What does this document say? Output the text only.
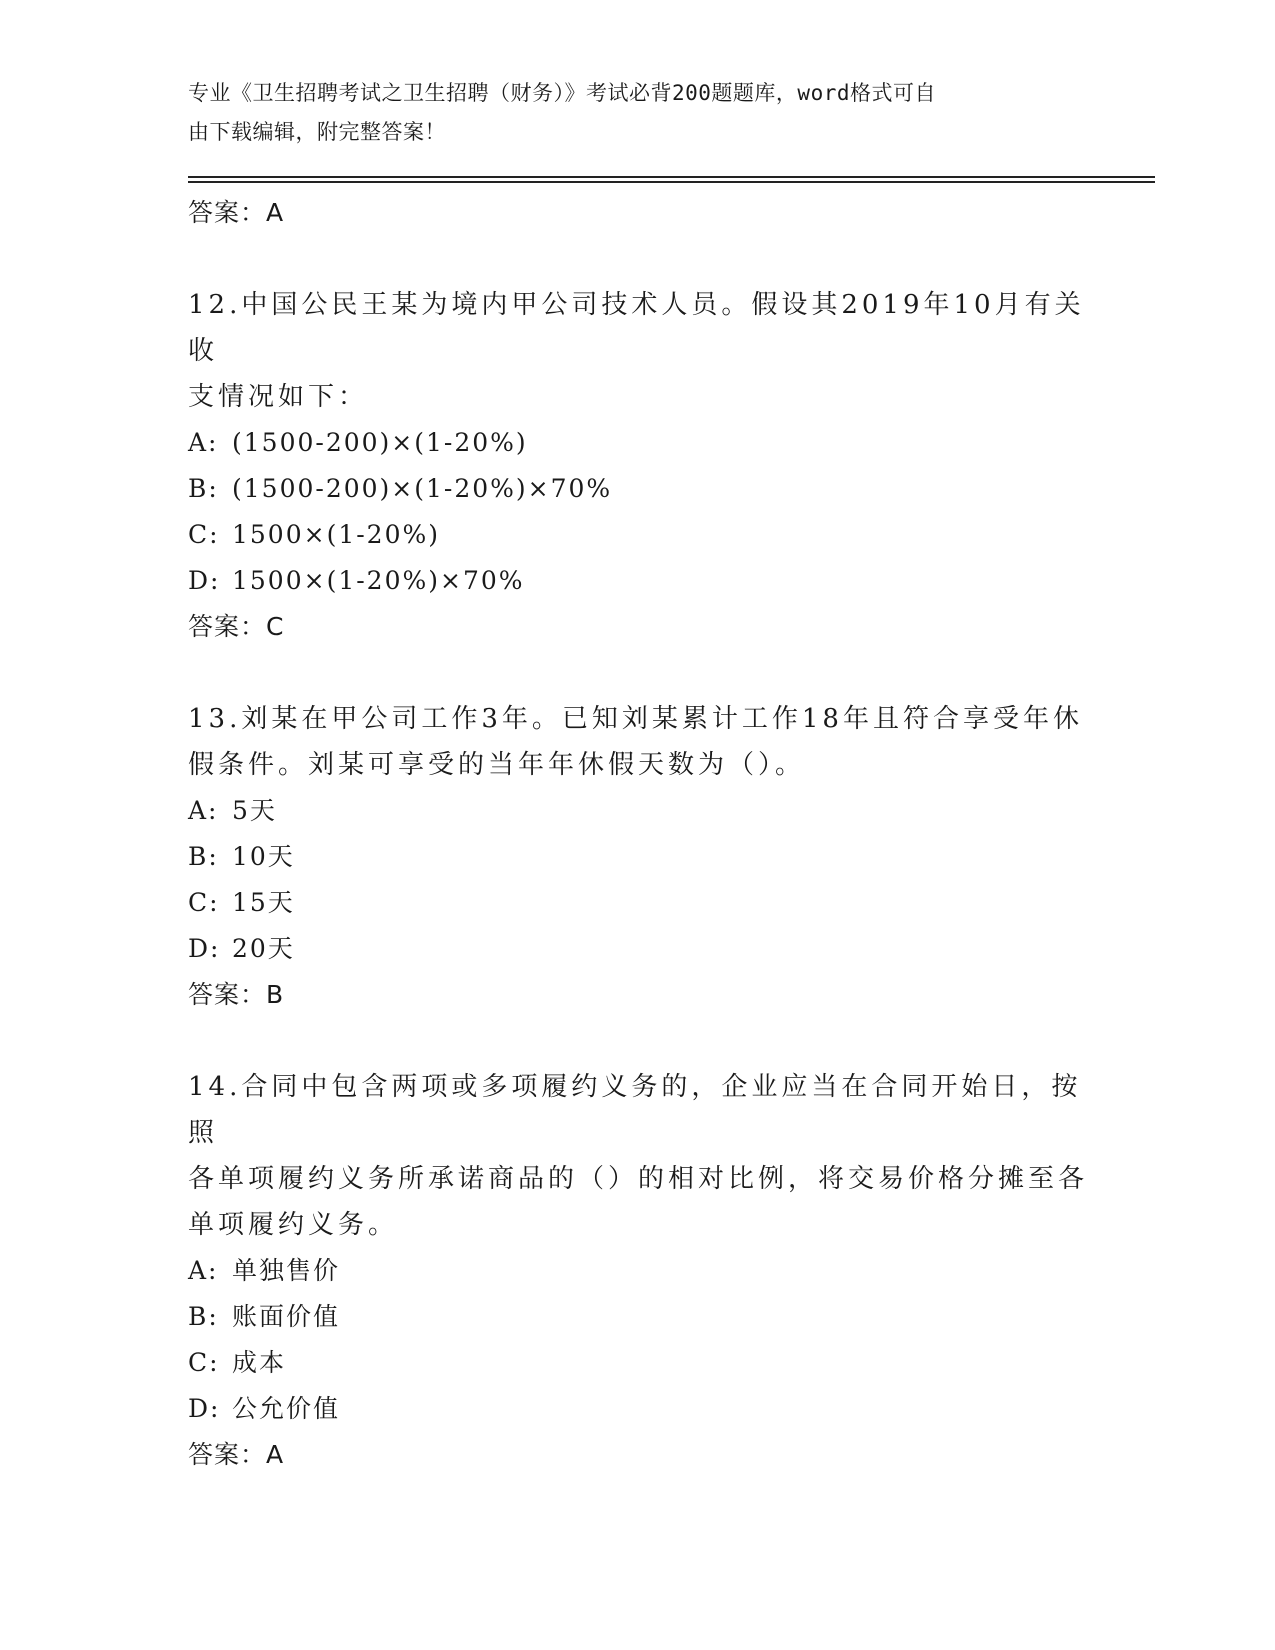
专业《卫生招聘考试之卫生招聘（财务）》考试必背200题题库，word格式可自
由下载编辑，附完整答案！

答案：A

12.中国公民王某为境内甲公司技术人员。假设其2019年10月有关收

支情况如下：

A: (1500-200)×(1-20%)

B: (1500-200)×(1-20%)×70%

C: 1500×(1-20%)

D: 1500×(1-20%)×70%

答案：C

13.刘某在甲公司工作3年。已知刘某累计工作18年且符合享受年休

假条件。刘某可享受的当年年休假天数为（）。

A: 5天

B: 10天

C: 15天

D: 20天

答案：B

14.合同中包含两项或多项履约义务的，企业应当在合同开始日，按照

各单项履约义务所承诺商品的（）的相对比例，将交易价格分摊至各

单项履约义务。

A: 单独售价

B: 账面价值

C: 成本

D: 公允价值

答案：A
